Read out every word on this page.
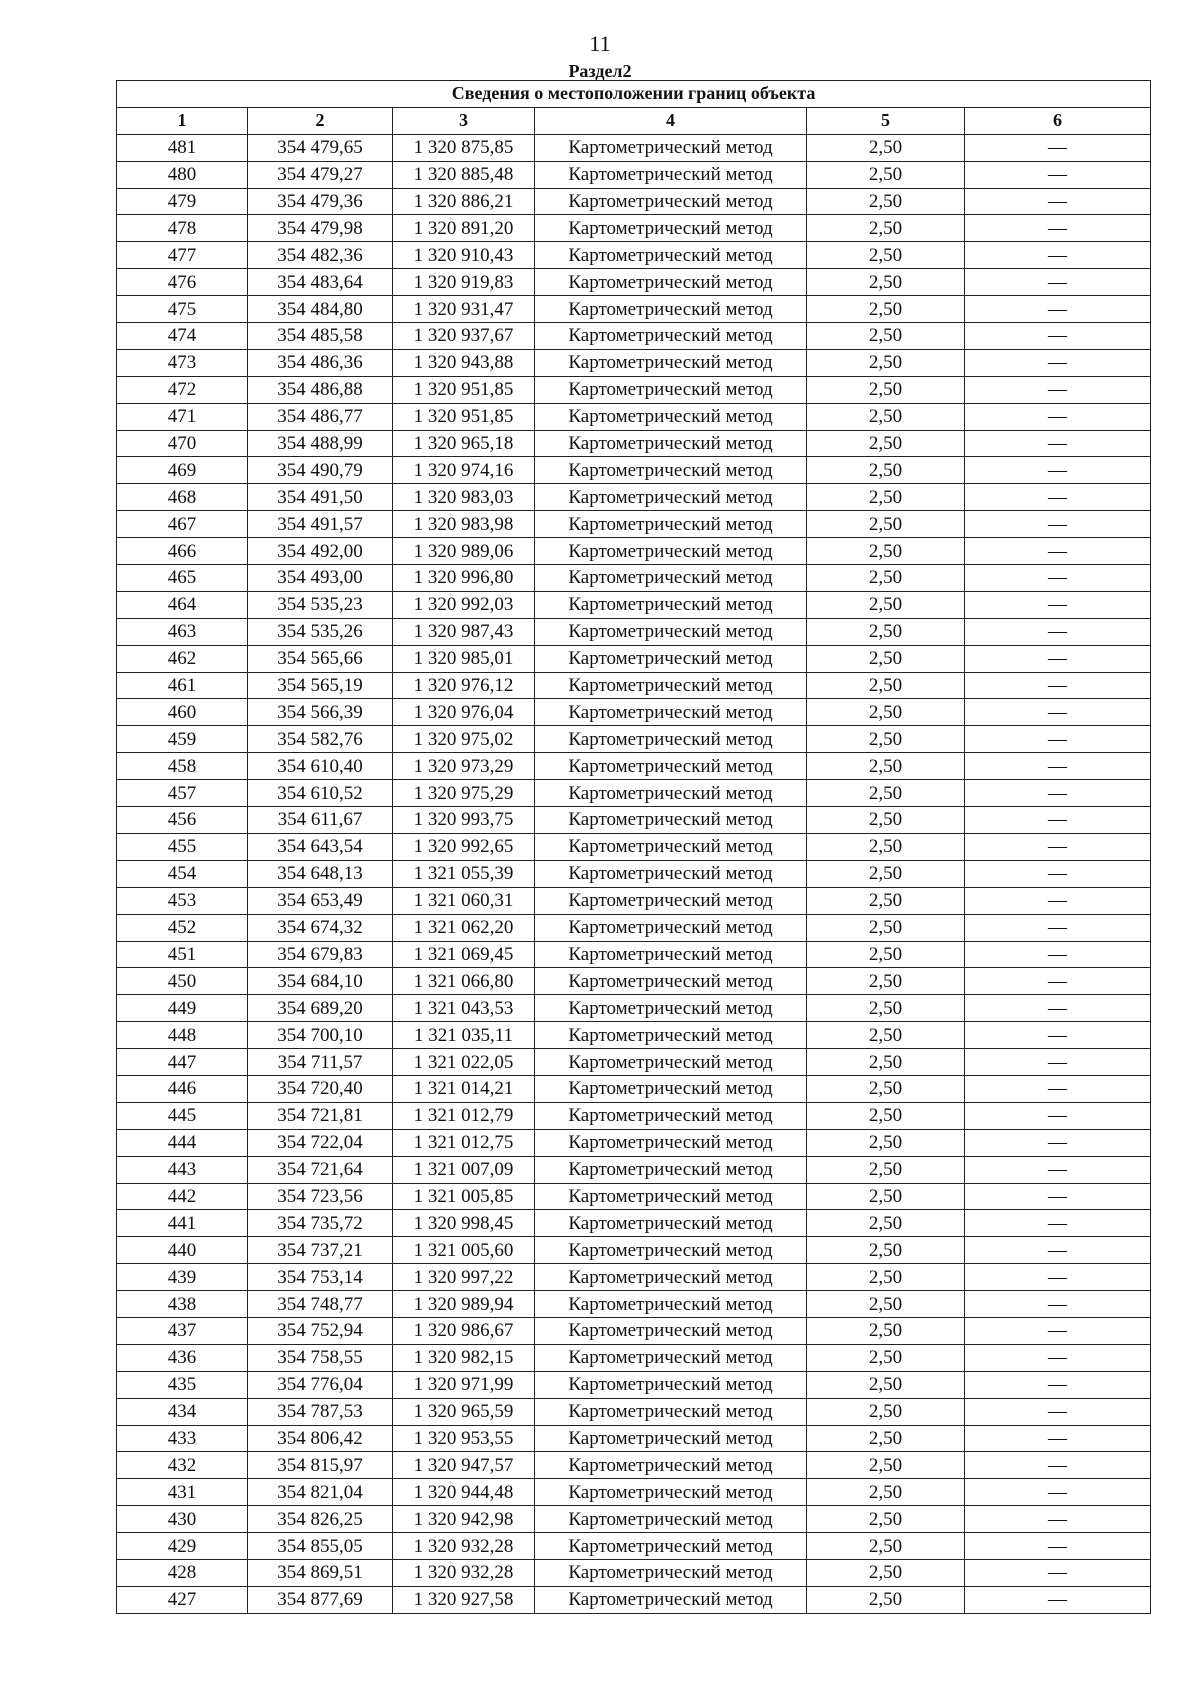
11
Раздел2
Сведения о местоположении границ объекта					
1	2	3	4	5	6
481	354 479,65	1 320 875,85	Картометрический метод	2,50	—
480	354 479,27	1 320 885,48	Картометрический метод	2,50	—
479	354 479,36	1 320 886,21	Картометрический метод	2,50	—
478	354 479,98	1 320 891,20	Картометрический метод	2,50	—
477	354 482,36	1 320 910,43	Картометрический метод	2,50	—
476	354 483,64	1 320 919,83	Картометрический метод	2,50	—
475	354 484,80	1 320 931,47	Картометрический метод	2,50	—
474	354 485,58	1 320 937,67	Картометрический метод	2,50	—
473	354 486,36	1 320 943,88	Картометрический метод	2,50	—
472	354 486,88	1 320 951,85	Картометрический метод	2,50	—
471	354 486,77	1 320 951,85	Картометрический метод	2,50	—
470	354 488,99	1 320 965,18	Картометрический метод	2,50	—
469	354 490,79	1 320 974,16	Картометрический метод	2,50	—
468	354 491,50	1 320 983,03	Картометрический метод	2,50	—
467	354 491,57	1 320 983,98	Картометрический метод	2,50	—
466	354 492,00	1 320 989,06	Картометрический метод	2,50	—
465	354 493,00	1 320 996,80	Картометрический метод	2,50	—
464	354 535,23	1 320 992,03	Картометрический метод	2,50	—
463	354 535,26	1 320 987,43	Картометрический метод	2,50	—
462	354 565,66	1 320 985,01	Картометрический метод	2,50	—
461	354 565,19	1 320 976,12	Картометрический метод	2,50	—
460	354 566,39	1 320 976,04	Картометрический метод	2,50	—
459	354 582,76	1 320 975,02	Картометрический метод	2,50	—
458	354 610,40	1 320 973,29	Картометрический метод	2,50	—
457	354 610,52	1 320 975,29	Картометрический метод	2,50	—
456	354 611,67	1 320 993,75	Картометрический метод	2,50	—
455	354 643,54	1 320 992,65	Картометрический метод	2,50	—
454	354 648,13	1 321 055,39	Картометрический метод	2,50	—
453	354 653,49	1 321 060,31	Картометрический метод	2,50	—
452	354 674,32	1 321 062,20	Картометрический метод	2,50	—
451	354 679,83	1 321 069,45	Картометрический метод	2,50	—
450	354 684,10	1 321 066,80	Картометрический метод	2,50	—
449	354 689,20	1 321 043,53	Картометрический метод	2,50	—
448	354 700,10	1 321 035,11	Картометрический метод	2,50	—
447	354 711,57	1 321 022,05	Картометрический метод	2,50	—
446	354 720,40	1 321 014,21	Картометрический метод	2,50	—
445	354 721,81	1 321 012,79	Картометрический метод	2,50	—
444	354 722,04	1 321 012,75	Картометрический метод	2,50	—
443	354 721,64	1 321 007,09	Картометрический метод	2,50	—
442	354 723,56	1 321 005,85	Картометрический метод	2,50	—
441	354 735,72	1 320 998,45	Картометрический метод	2,50	—
440	354 737,21	1 321 005,60	Картометрический метод	2,50	—
439	354 753,14	1 320 997,22	Картометрический метод	2,50	—
438	354 748,77	1 320 989,94	Картометрический метод	2,50	—
437	354 752,94	1 320 986,67	Картометрический метод	2,50	—
436	354 758,55	1 320 982,15	Картометрический метод	2,50	—
435	354 776,04	1 320 971,99	Картометрический метод	2,50	—
434	354 787,53	1 320 965,59	Картометрический метод	2,50	—
433	354 806,42	1 320 953,55	Картометрический метод	2,50	—
432	354 815,97	1 320 947,57	Картометрический метод	2,50	—
431	354 821,04	1 320 944,48	Картометрический метод	2,50	—
430	354 826,25	1 320 942,98	Картометрический метод	2,50	—
429	354 855,05	1 320 932,28	Картометрический метод	2,50	—
428	354 869,51	1 320 932,28	Картометрический метод	2,50	—
427	354 877,69	1 320 927,58	Картометрический метод	2,50	—
